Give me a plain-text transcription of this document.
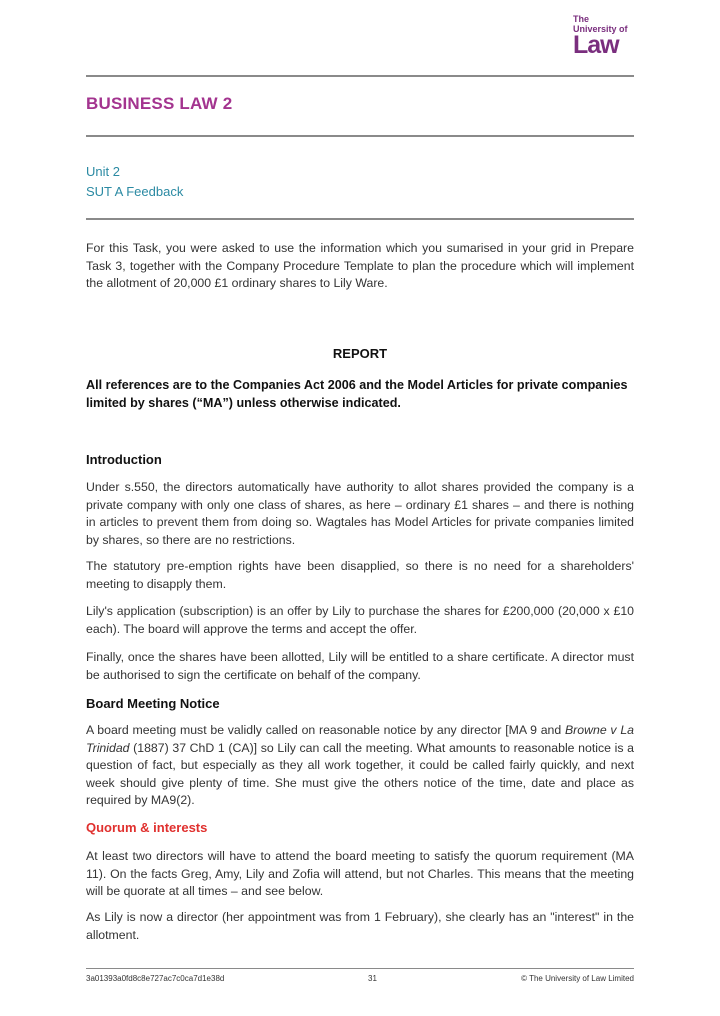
The
University of
Law
BUSINESS LAW 2
Unit 2
SUT A Feedback

For this Task, you were asked to use the information which you sumarised in your grid in Prepare Task 3, together with the Company Procedure Template to plan the procedure which will implement the allotment of 20,000 £1 ordinary shares to Lily Ware.

REPORT

All references are to the Companies Act 2006 and the Model Articles for private companies limited by shares (“MA”) unless otherwise indicated.

Introduction

Under s.550, the directors automatically have authority to allot shares provided the company is a private company with only one class of shares, as here – ordinary £1 shares – and there is nothing in articles to prevent them from doing so. Wagtales has Model Articles for private companies limited by shares, so there are no restrictions.

The statutory pre-emption rights have been disapplied, so there is no need for a shareholders' meeting to disapply them.

Lily's application (subscription) is an offer by Lily to purchase the shares for £200,000 (20,000 x £10 each). The board will approve the terms and accept the offer.

Finally, once the shares have been allotted, Lily will be entitled to a share certificate. A director must be authorised to sign the certificate on behalf of the company.

Board Meeting Notice

A board meeting must be validly called on reasonable notice by any director [MA 9 and Browne v La Trinidad (1887) 37 ChD 1 (CA)] so Lily can call the meeting. What amounts to reasonable notice is a question of fact, but especially as they all work together, it could be called fairly quickly, and next week should give plenty of time. She must give the others notice of the time, date and place as required by MA9(2).

Quorum & interests

At least two directors will have to attend the board meeting to satisfy the quorum requirement (MA 11). On the facts Greg, Amy, Lily and Zofia will attend, but not Charles. This means that the meeting will be quorate at all times – and see below.

As Lily is now a director (her appointment was from 1 February), she clearly has an "interest" in the allotment.

3a01393a0fd8c8e727ac7c0ca7d1e38d	31	© The University of Law Limited
